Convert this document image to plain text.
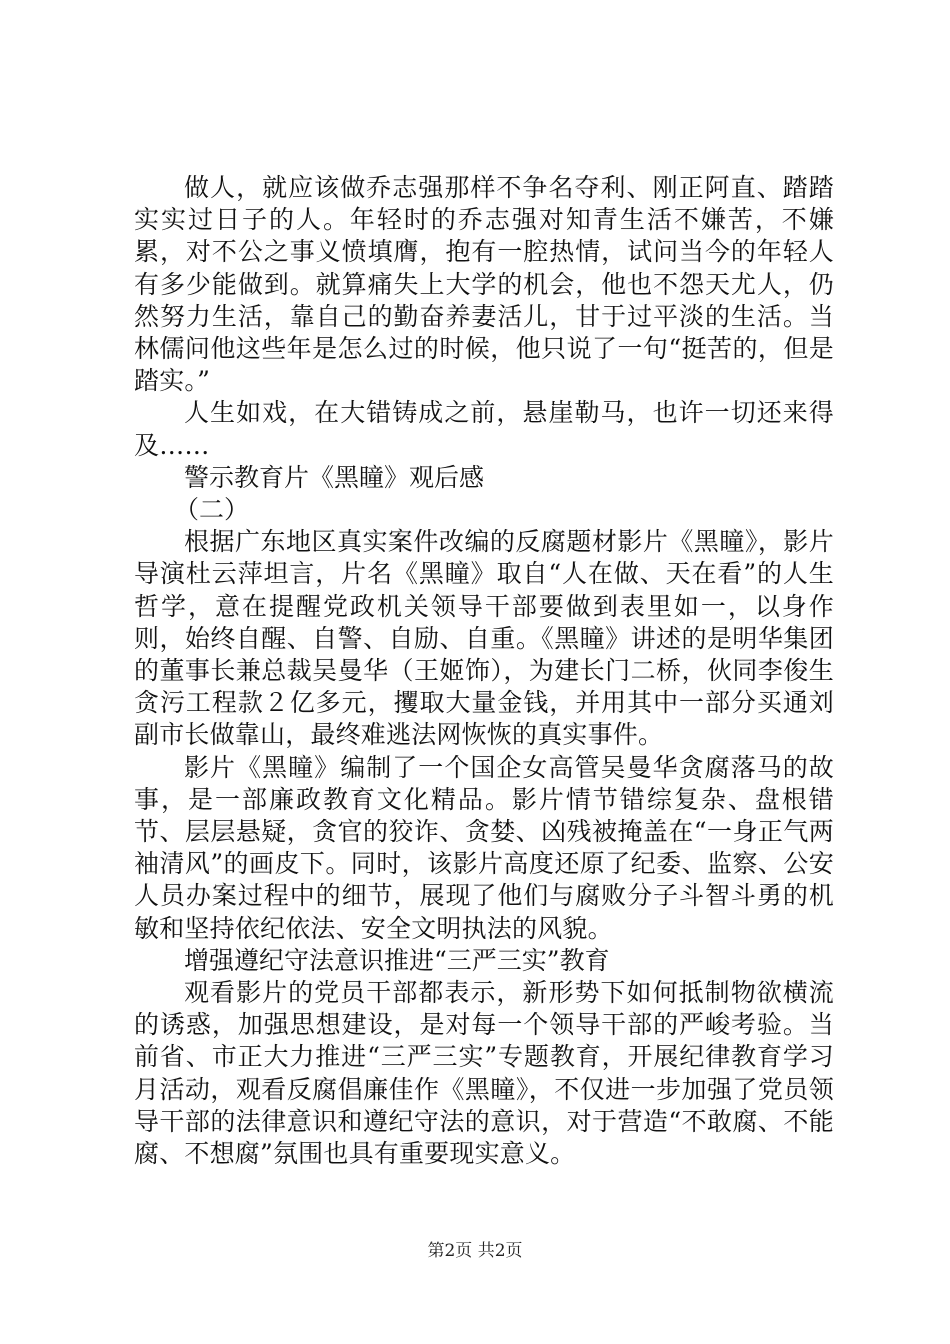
做人，就应该做乔志强那样不争名夺利、刚正阿直、踏踏实实过日子的人。年轻时的乔志强对知青生活不嫌苦，不嫌累，对不公之事义愤填膺，抱有一腔热情，试问当今的年轻人有多少能做到。就算痛失上大学的机会，他也不怨天尤人，仍然努力生活，靠自己的勤奋养妻活儿，甘于过平淡的生活。当林儒问他这些年是怎么过的时候，他只说了一句“挺苦的，但是踏实。”

人生如戏，在大错铸成之前，悬崖勒马，也许一切还来得及……

警示教育片《黑瞳》观后感

（二）

根据广东地区真实案件改编的反腐题材影片《黑瞳》，影片导演杜云萍坦言，片名《黑瞳》取自“人在做、天在看”的人生哲学，意在提醒党政机关领导干部要做到表里如一，以身作则，始终自醒、自警、自励、自重。《黑瞳》讲述的是明华集团的董事长兼总裁吴曼华（王姬饰），为建长门二桥，伙同李俊生贪污工程款２亿多元，攫取大量金钱，并用其中一部分买通刘副市长做靠山，最终难逃法网恢恢的真实事件。

影片《黑瞳》编制了一个国企女高管吴曼华贪腐落马的故事，是一部廉政教育文化精品。影片情节错综复杂、盘根错节、层层悬疑，贪官的狡诈、贪婪、凶残被掩盖在“一身正气两袖清风”的画皮下。同时，该影片高度还原了纪委、监察、公安人员办案过程中的细节，展现了他们与腐败分子斗智斗勇的机敏和坚持依纪依法、安全文明执法的风貌。

增强遵纪守法意识推进“三严三实”教育

观看影片的党员干部都表示，新形势下如何抵制物欲横流的诱惑，加强思想建设，是对每一个领导干部的严峻考验。当前省、市正大力推进“三严三实”专题教育，开展纪律教育学习月活动，观看反腐倡廉佳作《黑瞳》，不仅进一步加强了党员领导干部的法律意识和遵纪守法的意识，对于营造“不敢腐、不能腐、不想腐”氛围也具有重要现实意义。

第2页 共2页
